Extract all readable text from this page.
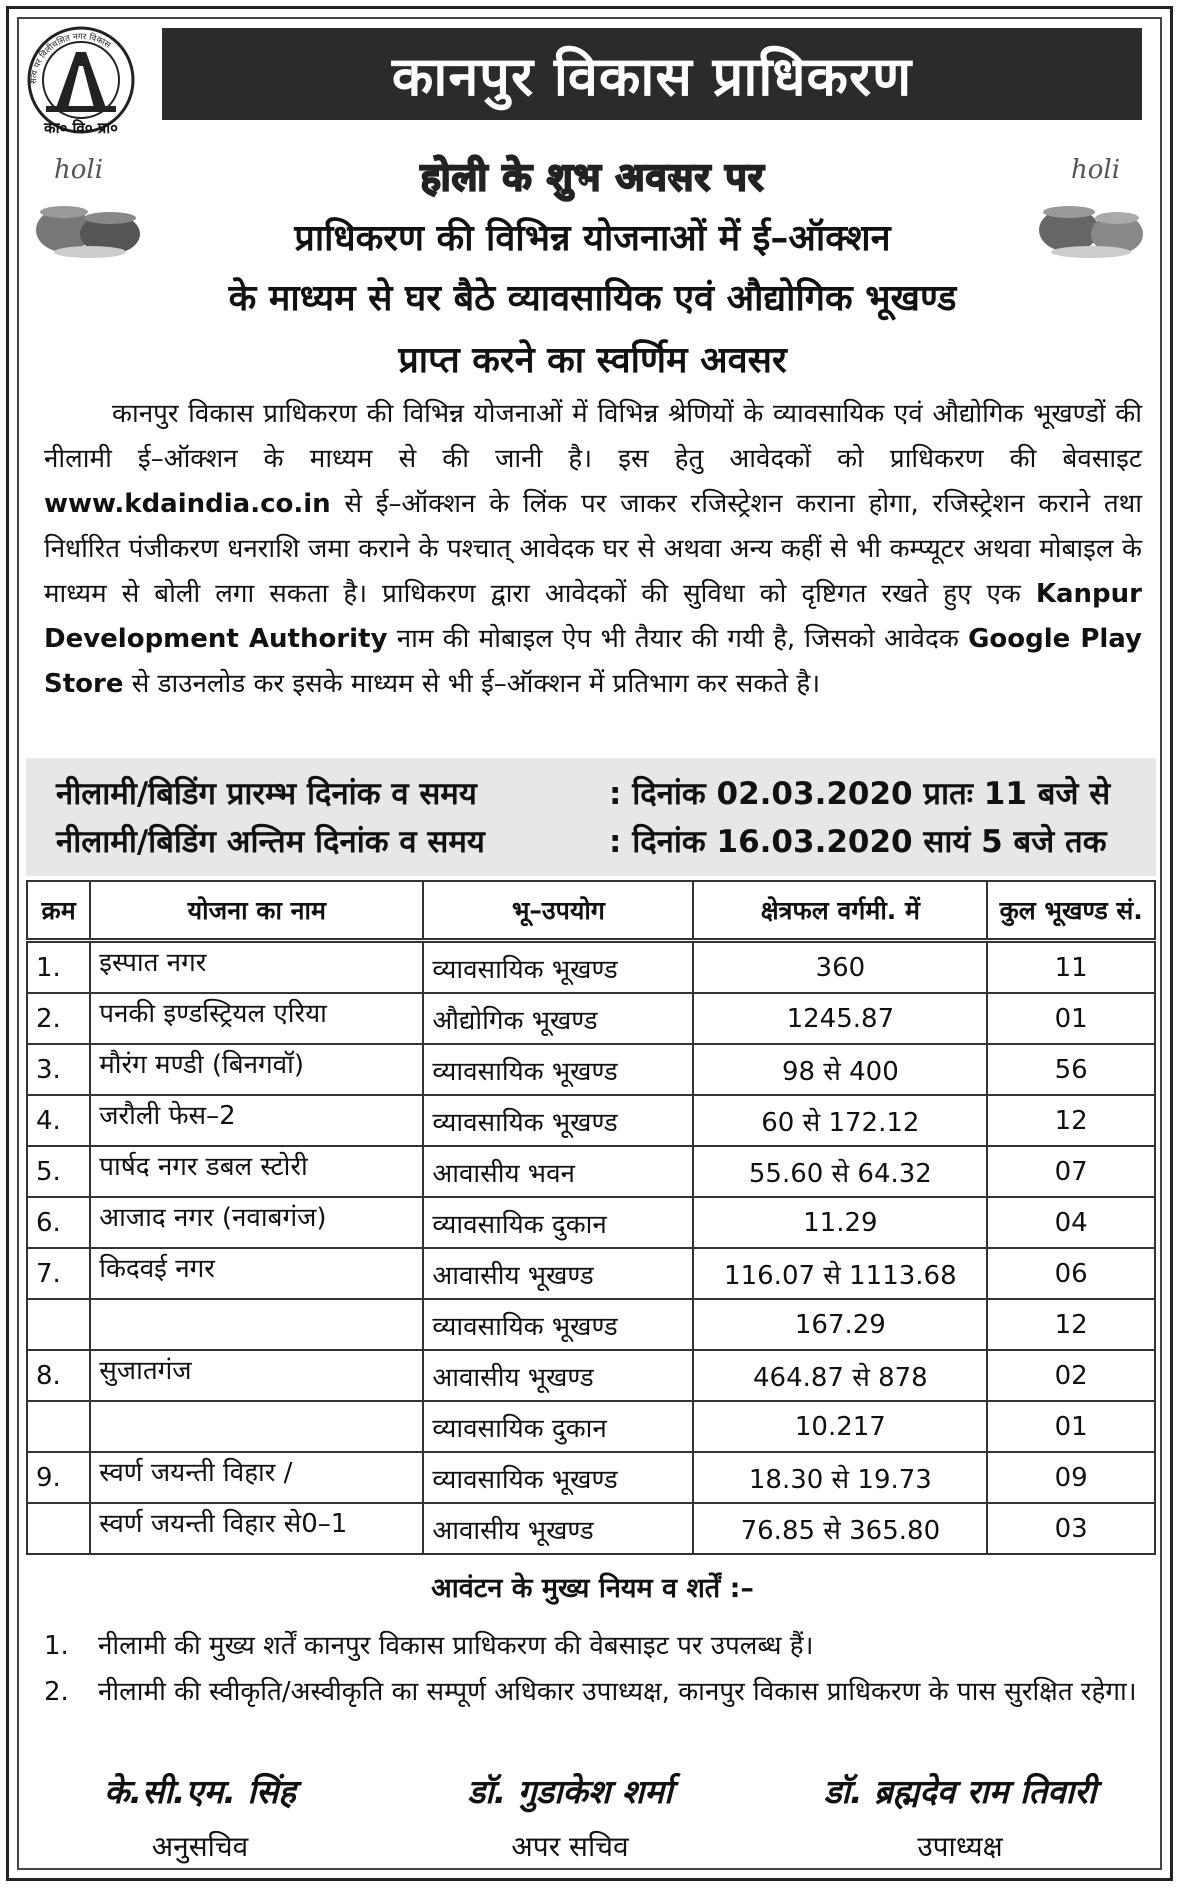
सत्य पर विलीचसित नगर विकास
का० वि० प्रा०
कानपुर विकास प्राधिकरण
holi	holi
होली के शुभ अवसर पर
प्राधिकरण की विभिन्न योजनाओं में ई–ऑक्शन
के माध्यम से घर बैठे व्यावसायिक एवं औद्योगिक भूखण्ड
प्राप्त करने का स्वर्णिम अवसर
कानपुर विकास प्राधिकरण की विभिन्न योजनाओं में विभिन्न श्रेणियों के व्यावसायिक एवं औद्योगिक भूखण्डों की नीलामी ई–ऑक्शन के माध्यम से की जानी है। इस हेतु आवेदकों को प्राधिकरण की बेवसाइट www.kdaindia.co.in से ई–ऑक्शन के लिंक पर जाकर रजिस्ट्रेशन कराना होगा, रजिस्ट्रेशन कराने तथा निर्धारित पंजीकरण धनराशि जमा कराने के पश्चात् आवेदक घर से अथवा अन्य कहीं से भी कम्प्यूटर अथवा मोबाइल के माध्यम से बोली लगा सकता है। प्राधिकरण द्वारा आवेदकों की सुविधा को दृष्टिगत रखते हुए एक Kanpur Development Authority नाम की मोबाइल ऐप भी तैयार की गयी है, जिसको आवेदक Google Play Store से डाउनलोड कर इसके माध्यम से भी ई–ऑक्शन में प्रतिभाग कर सकते है।
नीलामी/बिडिंग प्रारम्भ दिनांक व समय	: दिनांक 02.03.2020 प्रातः 11 बजे से
नीलामी/बिडिंग अन्तिम दिनांक व समय	: दिनांक 16.03.2020 सायं 5 बजे तक
क्रम	योजना का नाम	भू–उपयोग	क्षेत्रफल वर्गमी. में	कुल भूखण्ड सं.
1.	इस्पात नगर	व्यावसायिक भूखण्ड	360	11
2.	पनकी इण्डस्ट्रियल एरिया	औद्योगिक भूखण्ड	1245.87	01
3.	मौरंग मण्डी (बिनगवॉ)	व्यावसायिक भूखण्ड	98 से 400	56
4.	जरौली फेस–2	व्यावसायिक भूखण्ड	60 से 172.12	12
5.	पार्षद नगर डबल स्टोरी	आवासीय भवन	55.60 से 64.32	07
6.	आजाद नगर (नवाबगंज)	व्यावसायिक दुकान	11.29	04
7.	किदवई नगर	आवासीय भूखण्ड	116.07 से 1113.68	06
		व्यावसायिक भूखण्ड	167.29	12
8.	सुजातगंज	आवासीय भूखण्ड	464.87 से 878	02
		व्यावसायिक दुकान	10.217	01
9.	स्वर्ण जयन्ती विहार /	व्यावसायिक भूखण्ड	18.30 से 19.73	09
	स्वर्ण जयन्ती विहार से0–1	आवासीय भूखण्ड	76.85 से 365.80	03
आवंटन के मुख्य नियम व शर्तें :–
1.	नीलामी की मुख्य शर्तें कानपुर विकास प्राधिकरण की वेबसाइट पर उपलब्ध हैं।
2.	नीलामी की स्वीकृति/अस्वीकृति का सम्पूर्ण अधिकार उपाध्यक्ष, कानपुर विकास प्राधिकरण के पास सुरक्षित रहेगा।
के.सी.एम. सिंह
अनुसचिव
डॉ. गुडाकेश शर्मा
अपर सचिव
डॉ. ब्रह्मदेव राम तिवारी
उपाध्यक्ष
